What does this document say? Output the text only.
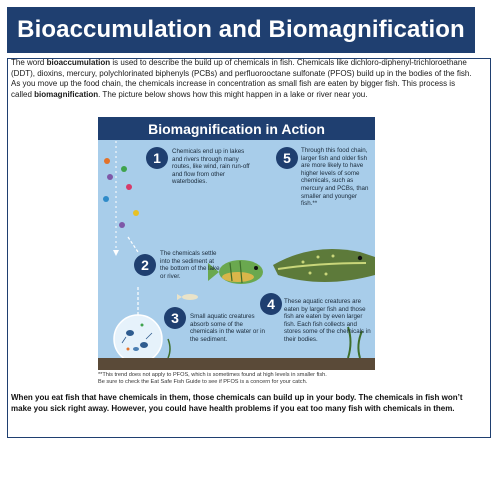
Bioaccumulation and Biomagnification
The word bioaccumulation is used to describe the build up of chemicals in fish. Chemicals like dichloro-diphenyl-trichloroethane (DDT), dioxins, mercury, polychlorinated biphenyls (PCBs) and perfluorooctane sulfonate (PFOS) build up in the bodies of the fish. As you move up the food chain, the chemicals increase in concentration as small fish are eaten by bigger fish. This process is called biomagnification. The picture below shows how this might happen in a lake or river near you.
Biomagnification in Action
1	Chemicals end up in lakes and rivers through many routes, like wind, rain run-off and flow from other waterbodies.
2
The chemicals settle into the sediment at the bottom of the lake or river.
3	Small aquatic creatures absorb some of the chemicals in the water or in the sediment.
4	These aquatic creatures are eaten by larger fish and those fish are eaten by even larger fish. Each fish collects and stores some of the chemicals in their bodies.
5	Through this food chain, larger fish and older fish are more likely to have higher levels of some chemicals, such as mercury and PCBs, than smaller and younger fish.**
**This trend does not apply to PFOS, which is sometimes found at high levels in smaller fish.
Be sure to check the Eat Safe Fish Guide to see if PFOS is a concern for your catch.
When you eat fish that have chemicals in them, those chemicals can build up in your body. The chemicals in fish won’t make you sick right away. However, you could have health problems if you eat too many fish with chemicals in them.
